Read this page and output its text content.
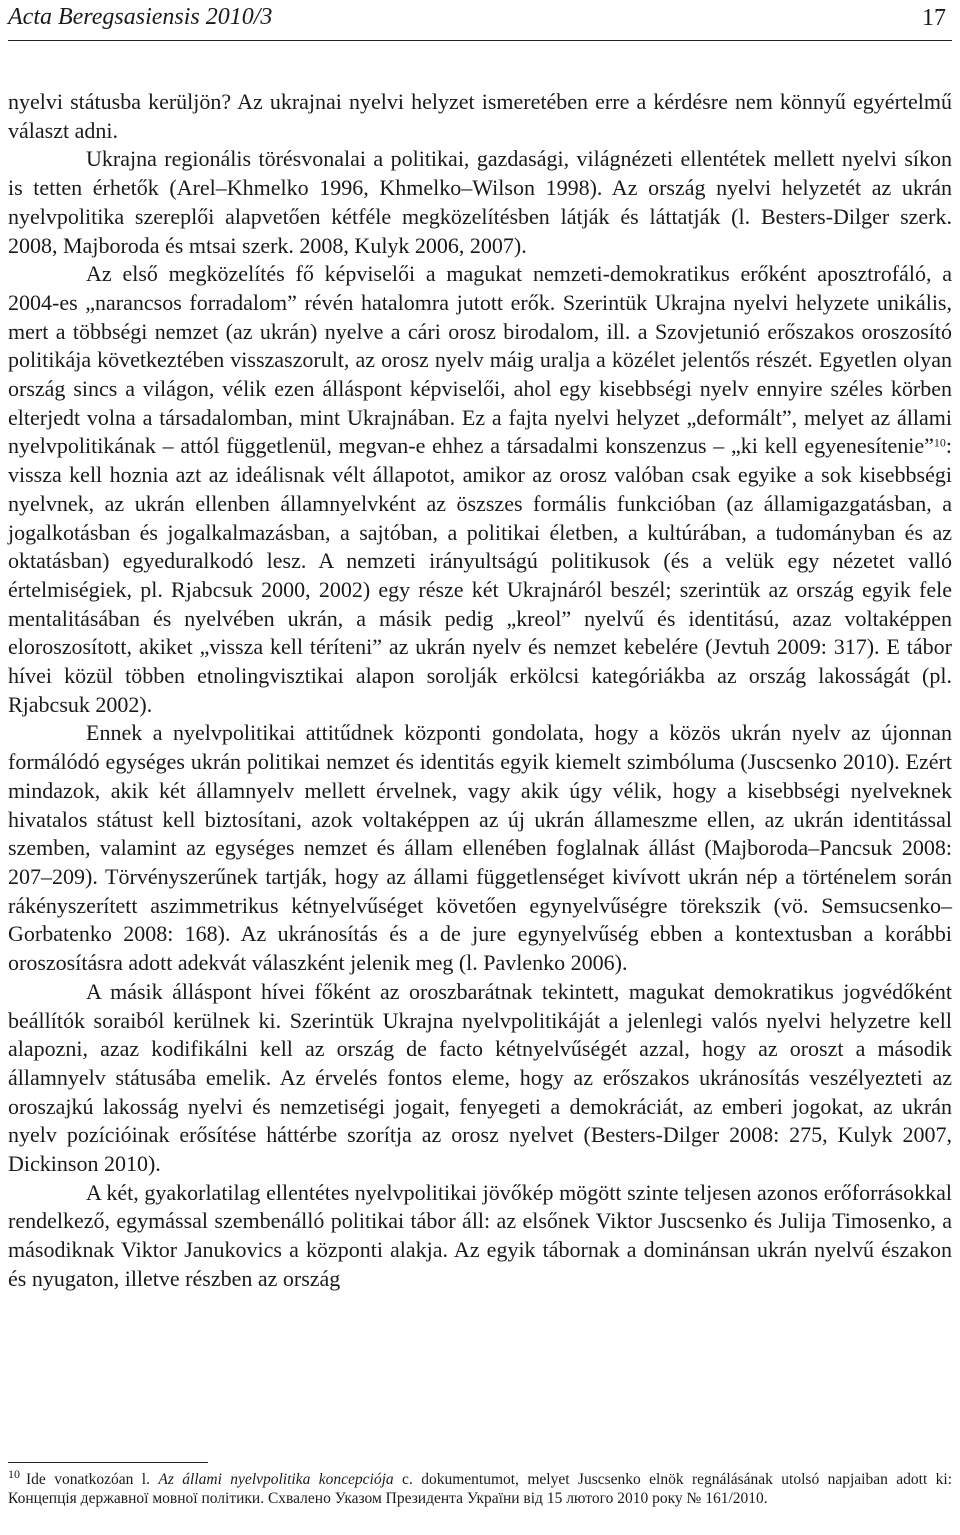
Acta Beregsasiensis 2010/3	17

nyelvi státusba kerüljön? Az ukrajnai nyelvi helyzet ismeretében erre a kérdésre nem könnyű egyértelmű választ adni.

Ukrajna regionális törésvonalai a politikai, gazdasági, világnézeti ellentétek mellett nyelvi síkon is tetten érhetők (Arel–Khmelko 1996, Khmelko–Wilson 1998). Az ország nyelvi helyzetét az ukrán nyelvpolitika szereplői alapvetően kétféle megközelítésben látják és láttatják (l. Besters-Dilger szerk. 2008, Majboroda és mtsai szerk. 2008, Kulyk 2006, 2007).

Az első megközelítés fő képviselői a magukat nemzeti-demokratikus erőként aposztrofáló, a 2004-es „narancsos forradalom” révén hatalomra jutott erők. Szerintük Ukrajna nyelvi helyzete unikális, mert a többségi nemzet (az ukrán) nyelve a cári orosz birodalom, ill. a Szovjetunió erőszakos oroszosító politikája következtében visszaszorult, az orosz nyelv máig uralja a közélet jelentős részét. Egyetlen olyan ország sincs a világon, vélik ezen álláspont képviselői, ahol egy kisebbségi nyelv ennyire széles körben elterjedt volna a társadalomban, mint Ukrajnában. Ez a fajta nyelvi helyzet „deformált”, melyet az állami nyelvpolitikának – attól függetlenül, megvan-e ehhez a társadalmi konszenzus – „ki kell egyenesítenie”$^{10}$: vissza kell hoznia azt az ideálisnak vélt állapotot, amikor az orosz valóban csak egyike a sok kisebbségi nyelvnek, az ukrán ellenben államnyelvként az öszszes formális funkcióban (az államigazgatásban, a jogalkotásban és jogalkalmazásban, a sajtóban, a politikai életben, a kultúrában, a tudományban és az oktatásban) egyeduralkodó lesz. A nemzeti irányultságú politikusok (és a velük egy nézetet valló értelmiségiek, pl. Rjabcsuk 2000, 2002) egy része két Ukrajnáról beszél; szerintük az ország egyik fele mentalitásában és nyelvében ukrán, a másik pedig „kreol” nyelvű és identitású, azaz voltaképpen eloroszosított, akiket „vissza kell téríteni” az ukrán nyelv és nemzet kebelére (Jevtuh 2009: 317). E tábor hívei közül többen etnolingvisztikai alapon sorolják erkölcsi kategóriákba az ország lakosságát (pl. Rjabcsuk 2002).

Ennek a nyelvpolitikai attitűdnek központi gondolata, hogy a közös ukrán nyelv az újonnan formálódó egységes ukrán politikai nemzet és identitás egyik kiemelt szimbóluma (Juscsenko 2010). Ezért mindazok, akik két államnyelv mellett érvelnek, vagy akik úgy vélik, hogy a kisebbségi nyelveknek hivatalos státust kell biztosítani, azok voltaképpen az új ukrán állameszme ellen, az ukrán identitással szemben, valamint az egységes nemzet és állam ellenében foglalnak állást (Majboroda–Pancsuk 2008: 207–209). Törvényszerűnek tartják, hogy az állami függetlenséget kivívott ukrán nép a történelem során rákényszerített aszimmetrikus kétnyelvűséget követően egynyelvűségre törekszik (vö. Semsucsenko–Gorbatenko 2008: 168). Az ukránosítás és a de jure egynyelvűség ebben a kontextusban a korábbi oroszosításra adott adekvát válaszként jelenik meg (l. Pavlenko 2006).

A másik álláspont hívei főként az oroszbarátnak tekintett, magukat demokratikus jogvédőként beállítók soraiból kerülnek ki. Szerintük Ukrajna nyelvpolitikáját a jelenlegi valós nyelvi helyzetre kell alapozni, azaz kodifikálni kell az ország de facto kétnyelvűségét azzal, hogy az oroszt a második államnyelv státusába emelik. Az érvelés fontos eleme, hogy az erőszakos ukránosítás veszélyezteti az oroszajkú lakosság nyelvi és nemzetiségi jogait, fenyegeti a demokráciát, az emberi jogokat, az ukrán nyelv pozícióinak erősítése háttérbe szorítja az orosz nyelvet (Besters-Dilger 2008: 275, Kulyk 2007, Dickinson 2010).

A két, gyakorlatilag ellentétes nyelvpolitikai jövőkép mögött szinte teljesen azonos erőforrásokkal rendelkező, egymással szembenálló politikai tábor áll: az elsőnek Viktor Juscsenko és Julija Timosenko, a másodiknak Viktor Janukovics a központi alakja. Az egyik tábornak a dominánsan ukrán nyelvű északon és nyugaton, illetve részben az ország

$^{10}$ Ide vonatkozóan l. Az állami nyelvpolitika koncepciója c. dokumentumot, melyet Juscsenko elnök regnálásának utolsó napjaiban adott ki: Концепція державної мовної політики. Схвалено Указом Президента України від 15 лютого 2010 року № 161/2010.
